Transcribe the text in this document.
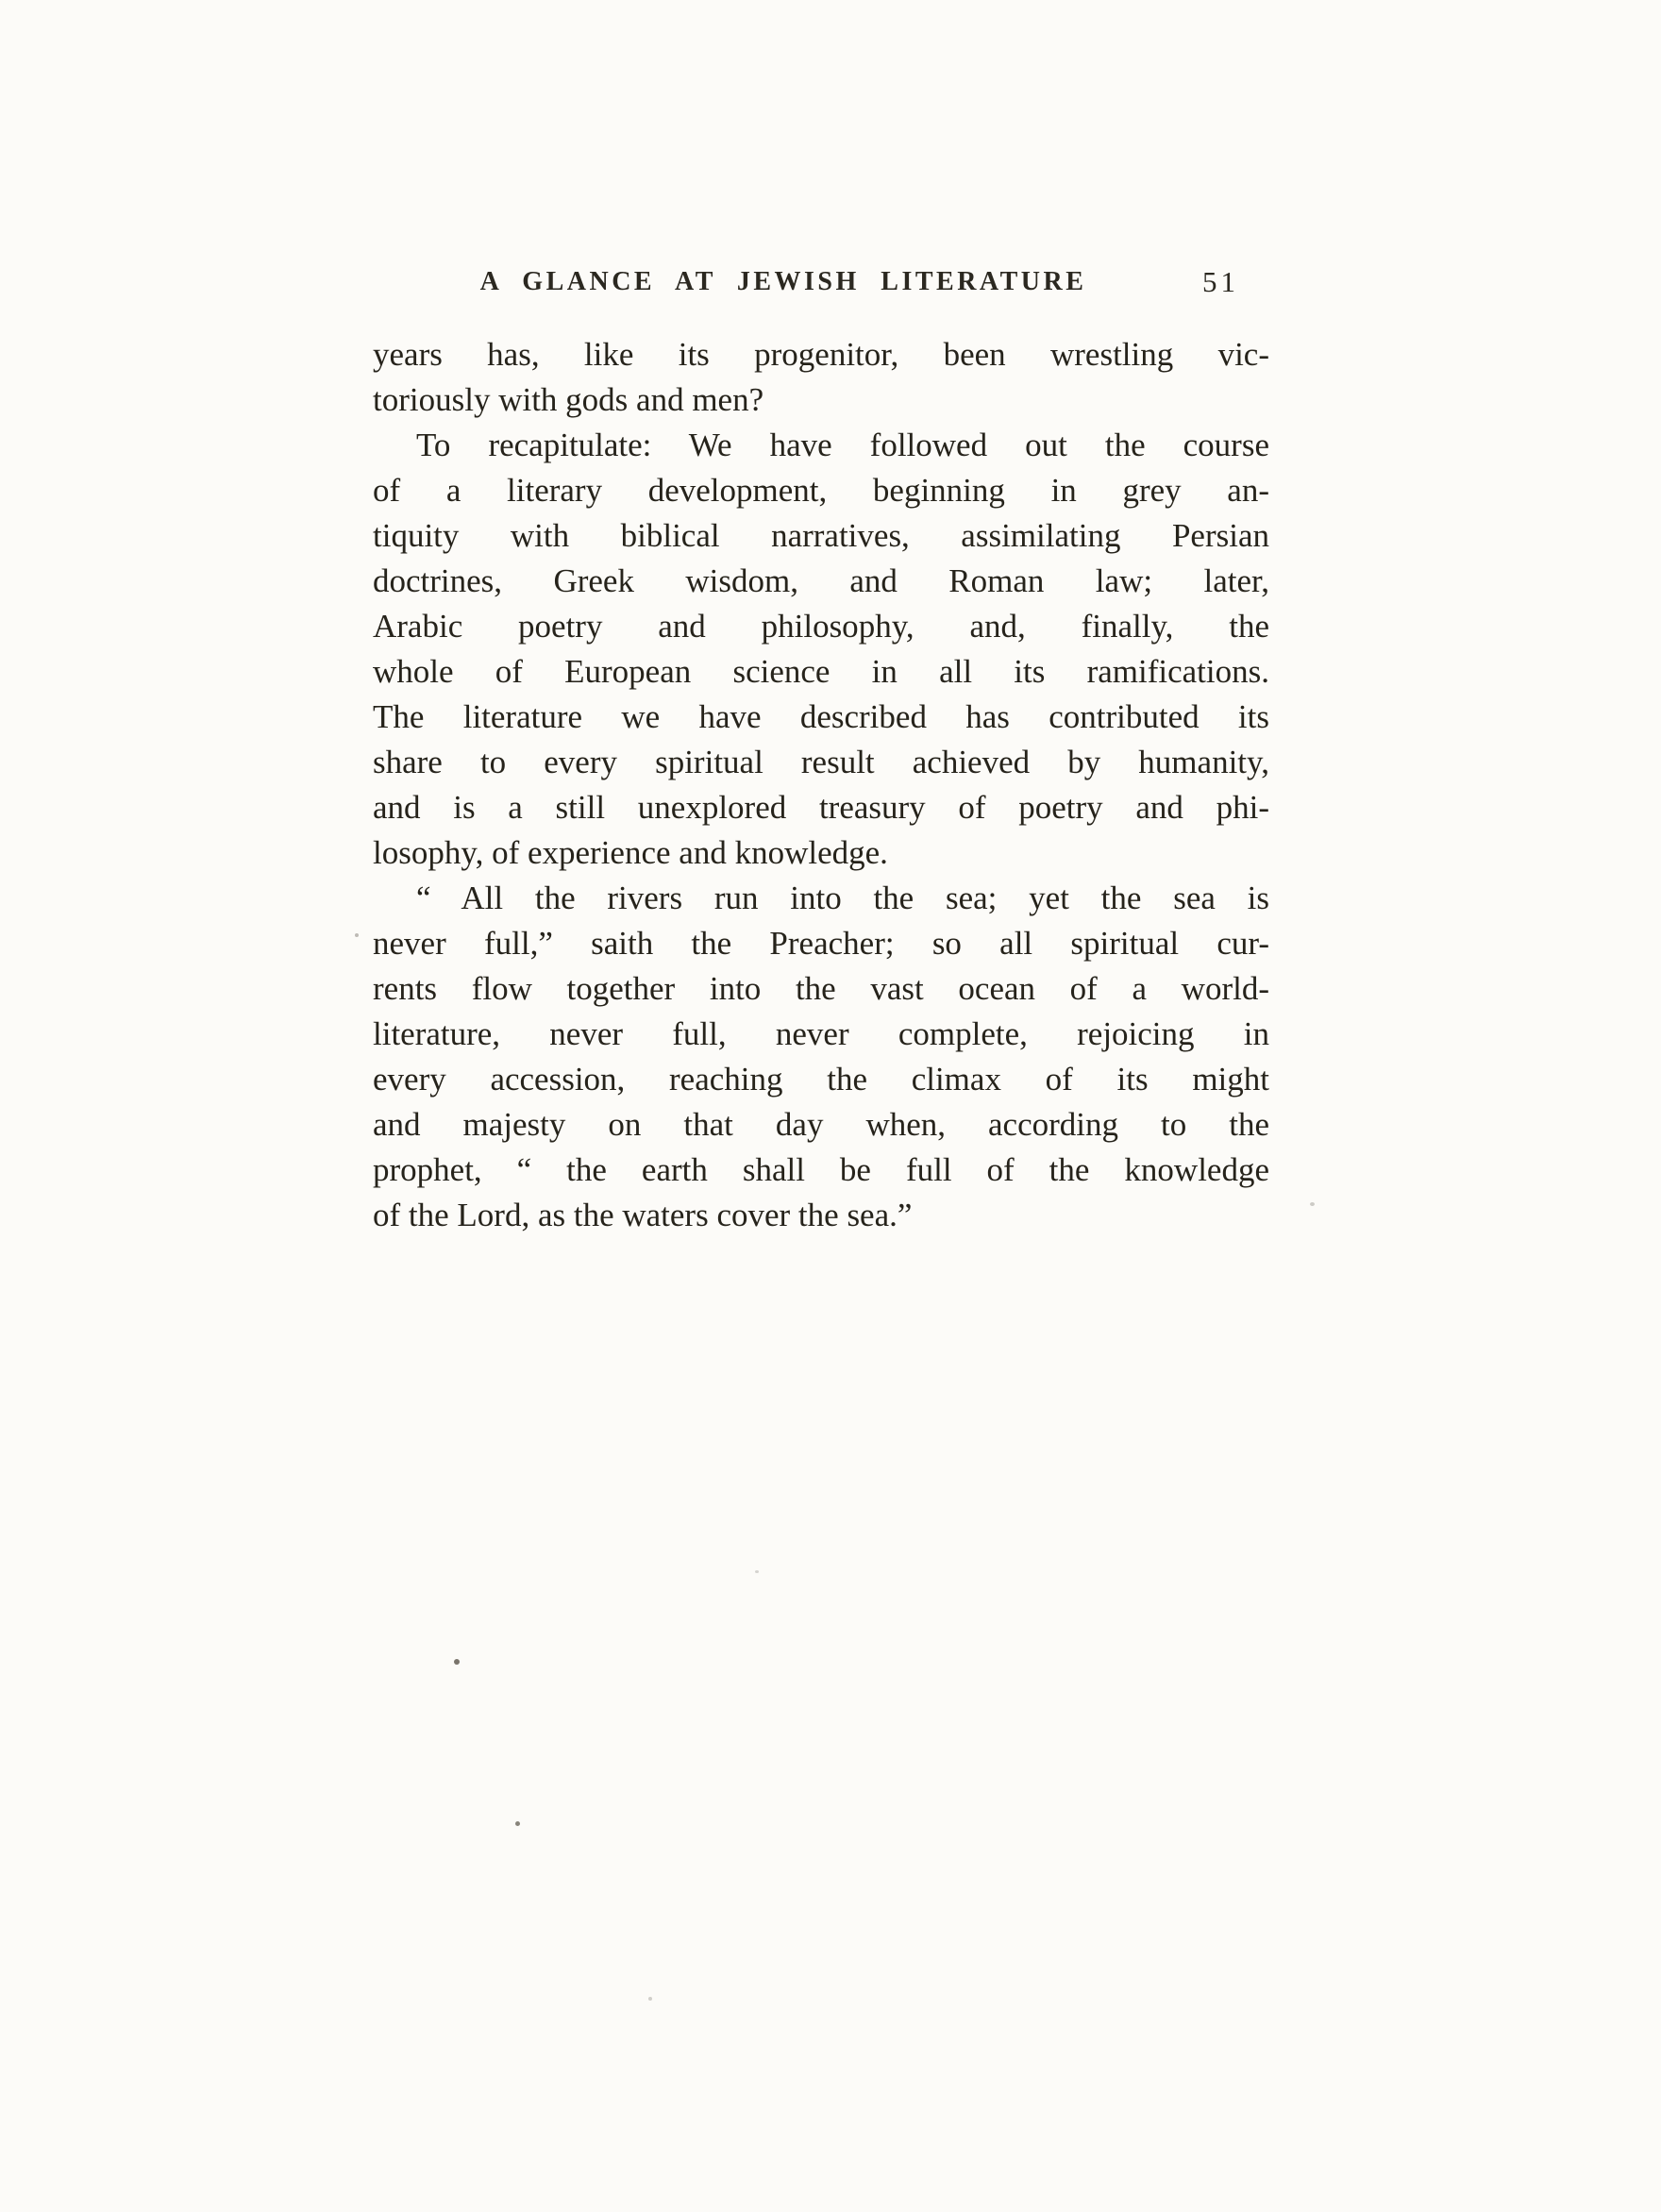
A GLANCE AT JEWISH LITERATURE	51
years has, like its progenitor, been wrestling vic-
toriously with gods and men?
To recapitulate: We have followed out the course
of a literary development, beginning in grey an-
tiquity with biblical narratives, assimilating Persian
doctrines, Greek wisdom, and Roman law; later,
Arabic poetry and philosophy, and, finally, the
whole of European science in all its ramifications.
The literature we have described has contributed its
share to every spiritual result achieved by humanity,
and is a still unexplored treasury of poetry and phi-
losophy, of experience and knowledge.
“ All the rivers run into the sea; yet the sea is
never full,” saith the Preacher; so all spiritual cur-
rents flow together into the vast ocean of a world-
literature, never full, never complete, rejoicing in
every accession, reaching the climax of its might
and majesty on that day when, according to the
prophet, “ the earth shall be full of the knowledge
of the Lord, as the waters cover the sea.”
